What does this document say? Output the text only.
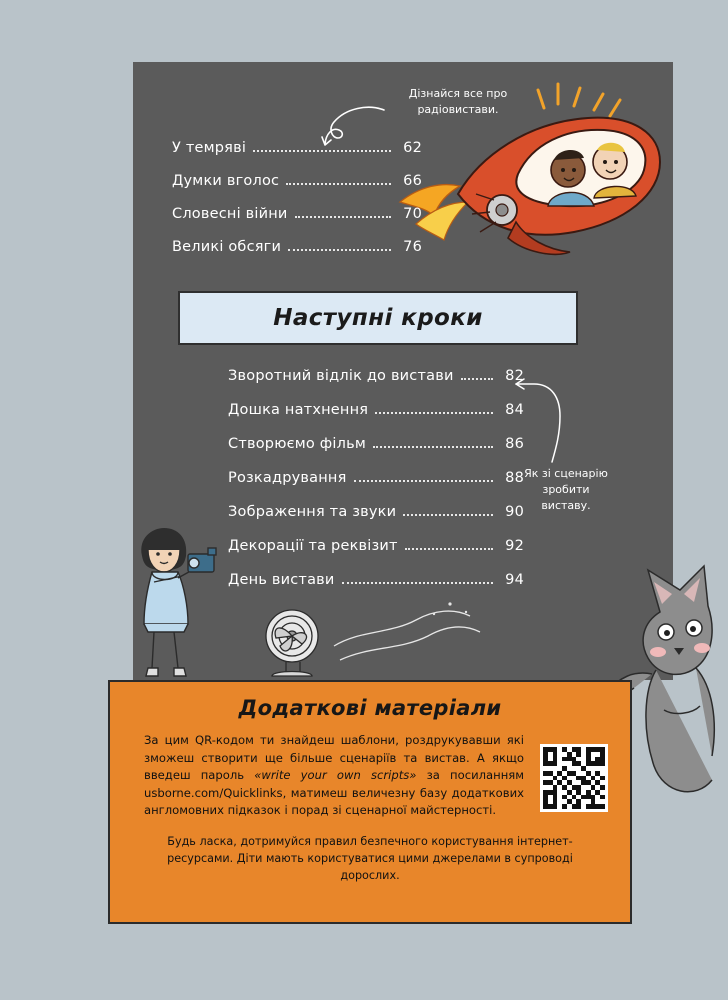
Дізнайся все про радіовистави.
У темряві	62
Думки вголос	66
Словесні війни	70
Великі обсяги	76
Наступні кроки
Зворотний відлік до вистави	82
Дошка натхнення	84
Створюємо фільм	86
Розкадрування	88
Зображення та звуки	90
Декорації та реквізит	92
День вистави	94
Як зі сценарію зробити виставу.
Додаткові матеріали
За цим QR-кодом ти знайдеш шаблони, роздрукувавши які зможеш створити ще більше сценаріїв та вистав. А якщо введеш пароль «write your own scripts» за посиланням usborne.com/Quicklinks, матимеш величезну базу додаткових англомовних підказок і порад зі сценарної майстерності.
Будь ласка, дотримуйся правил безпечного користування інтернет-ресурсами. Діти мають користуватися цими джерелами в супроводі дорослих.
